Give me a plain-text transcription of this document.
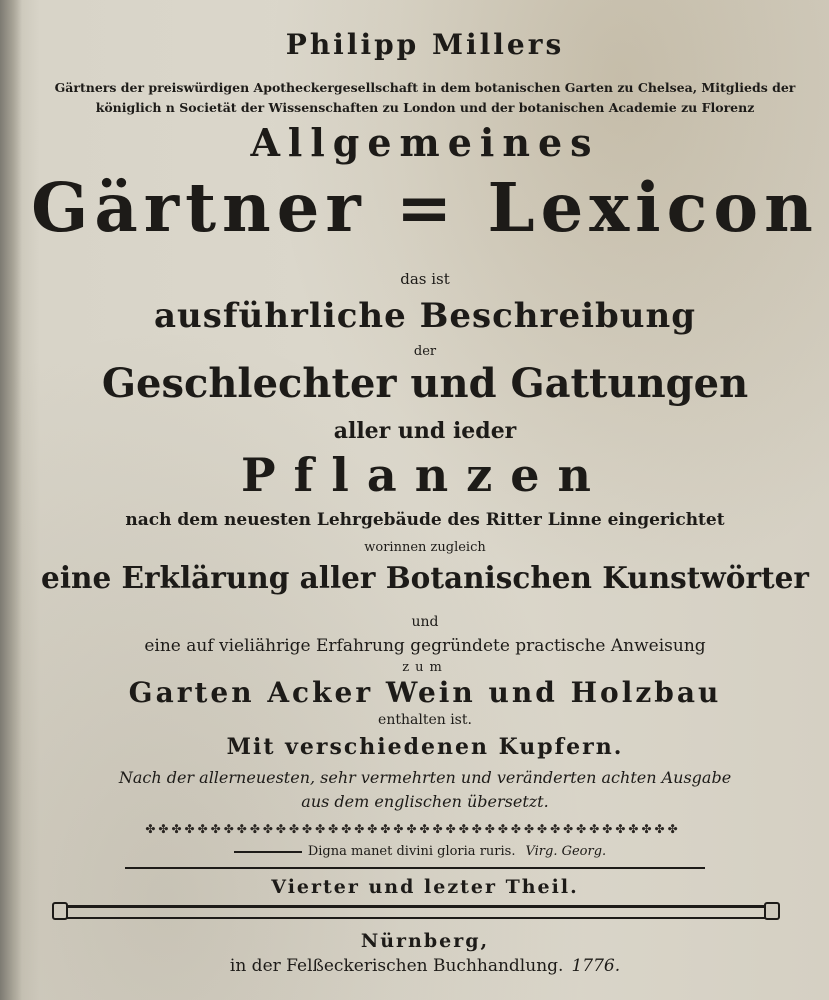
Philipp Millers
Gärtners der preiswürdigen Apotheckergesellschaft in dem botanischen Garten zu Chelsea, Mitglieds der
königlich n Societät der Wissenschaften zu London und der botanischen Academie zu Florenz
Allgemeines
Gärtner = Lexicon
das ist
ausführliche Beschreibung
der
Geschlechter und Gattungen
aller und ieder
Pflanzen
nach dem neuesten Lehrgebäude des Ritter Linne eingerichtet
worinnen zugleich
eine Erklärung aller Botanischen Kunstwörter
und
eine auf vieliährige Erfahrung gegründete practische Anweisung
zum
Garten Acker Wein und Holzbau
enthalten ist.
Mit verschiedenen Kupfern.
Nach der allerneuesten, sehr vermehrten und veränderten achten Ausgabe
aus dem englischen übersetzt.
✤✤✤✤✤✤✤✤✤✤✤✤✤✤✤✤✤✤✤✤✤✤✤✤✤✤✤✤✤✤✤✤✤✤✤✤✤✤✤✤✤
Digna manet divini gloria ruris. Virg. Georg.
Vierter und lezter Theil.
Nürnberg,
in der Felßeckerischen Buchhandlung. 1776.
